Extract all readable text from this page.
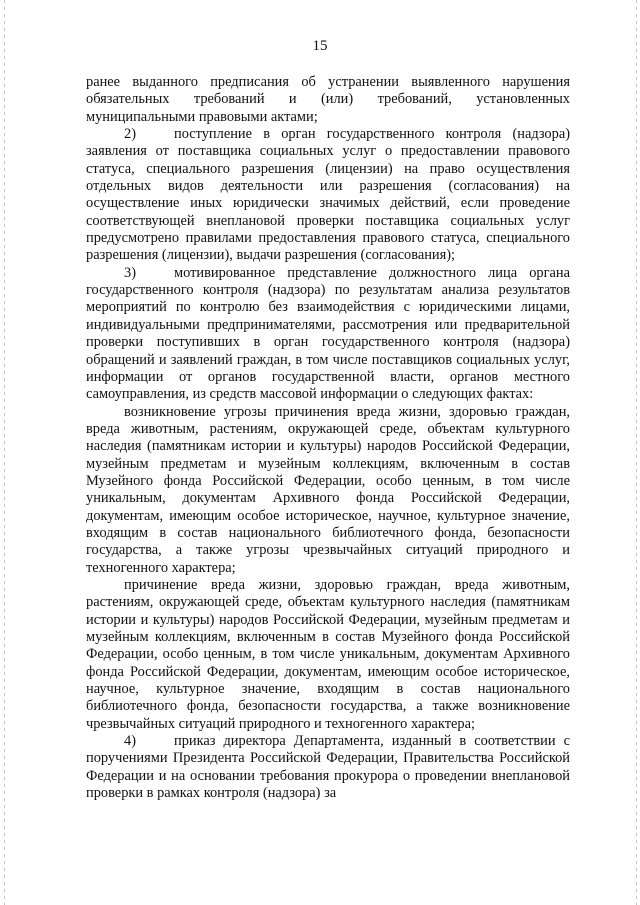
15

ранее выданного предписания об устранении выявленного нарушения обязательных требований и (или) требований, установленных муниципальными правовыми актами;

2)	поступление в орган государственного контроля (надзора) заявления от поставщика социальных услуг о предоставлении правового статуса, специального разрешения (лицензии) на право осуществления отдельных видов деятельности или разрешения (согласования) на осуществление иных юридически значимых действий, если проведение соответствующей внеплановой проверки поставщика социальных услуг предусмотрено правилами предоставления правового статуса, специального разрешения (лицензии), выдачи разрешения (согласования);

3)	мотивированное представление должностного лица органа государственного контроля (надзора) по результатам анализа результатов мероприятий по контролю без взаимодействия с юридическими лицами, индивидуальными предпринимателями, рассмотрения или предварительной проверки поступивших в орган государственного контроля (надзора) обращений и заявлений граждан, в том числе поставщиков социальных услуг, информации от органов государственной власти, органов местного самоуправления, из средств массовой информации о следующих фактах:

возникновение угрозы причинения вреда жизни, здоровью граждан, вреда животным, растениям, окружающей среде, объектам культурного наследия (памятникам истории и культуры) народов Российской Федерации, музейным предметам и музейным коллекциям, включенным в состав Музейного фонда Российской Федерации, особо ценным, в том числе уникальным, документам Архивного фонда Российской Федерации, документам, имеющим особое историческое, научное, культурное значение, входящим в состав национального библиотечного фонда, безопасности государства, а также угрозы чрезвычайных ситуаций природного и техногенного характера;

причинение вреда жизни, здоровью граждан, вреда животным, растениям, окружающей среде, объектам культурного наследия (памятникам истории и культуры) народов Российской Федерации, музейным предметам и музейным коллекциям, включенным в состав Музейного фонда Российской Федерации, особо ценным, в том числе уникальным, документам Архивного фонда Российской Федерации, документам, имеющим особое историческое, научное, культурное значение, входящим в состав национального библиотечного фонда, безопасности государства, а также возникновение чрезвычайных ситуаций природного и техногенного характера;

4)	приказ директора Департамента, изданный в соответствии с поручениями Президента Российской Федерации, Правительства Российской Федерации и на основании требования прокурора о проведении внеплановой проверки в рамках контроля (надзора) за
